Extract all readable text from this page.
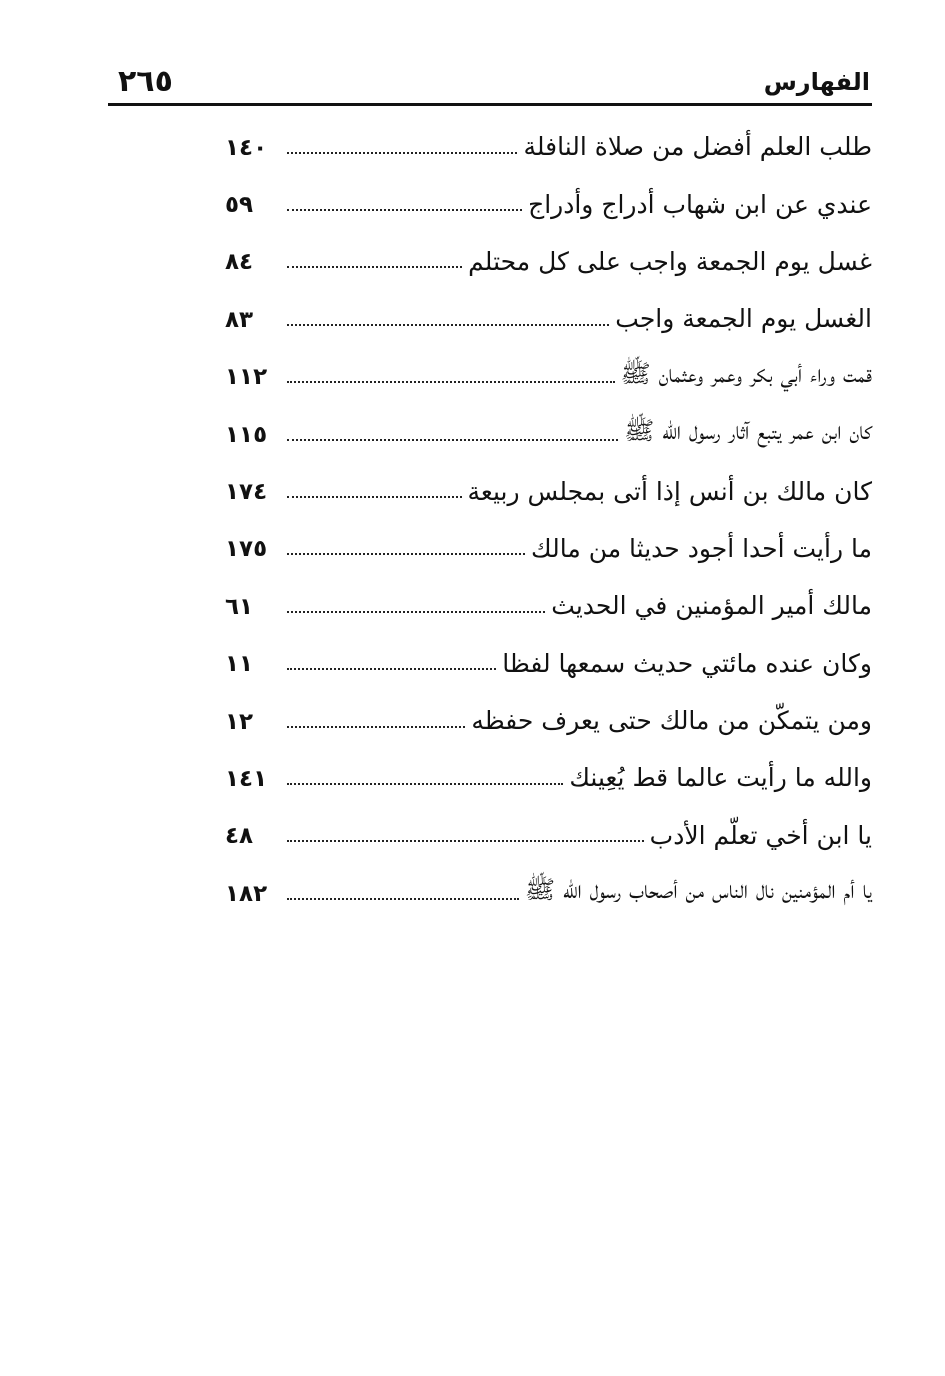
الفهارس
٢٦٥
١٤٠	طلب العلم أفضل من صلاة النافلة
٥٩	عندي عن ابن شهاب أدراج وأدراج
٨٤	غسل يوم الجمعة واجب على كل محتلم
٨٣	الغسل يوم الجمعة واجب
١١٢	قمت وراء أبي بكر وعمر وعثمان ﷺ
١١٥	كان ابن عمر يتبع آثار رسول الله ﷺ
١٧٤	كان مالك بن أنس إذا أتى بمجلس ربيعة
١٧٥	ما رأيت أحدا أجود حديثا من مالك
٦١	مالك أمير المؤمنين في الحديث
١١	وكان عنده مائتي حديث سمعها لفظا
١٢	ومن يتمكّن من مالك حتى يعرف حفظه
١٤١	والله ما رأيت عالما قط يُعِينك
٤٨	يا ابن أخي تعلّم الأدب
١٨٢	يا أم المؤمنين نال الناس من أصحاب رسول الله ﷺ
